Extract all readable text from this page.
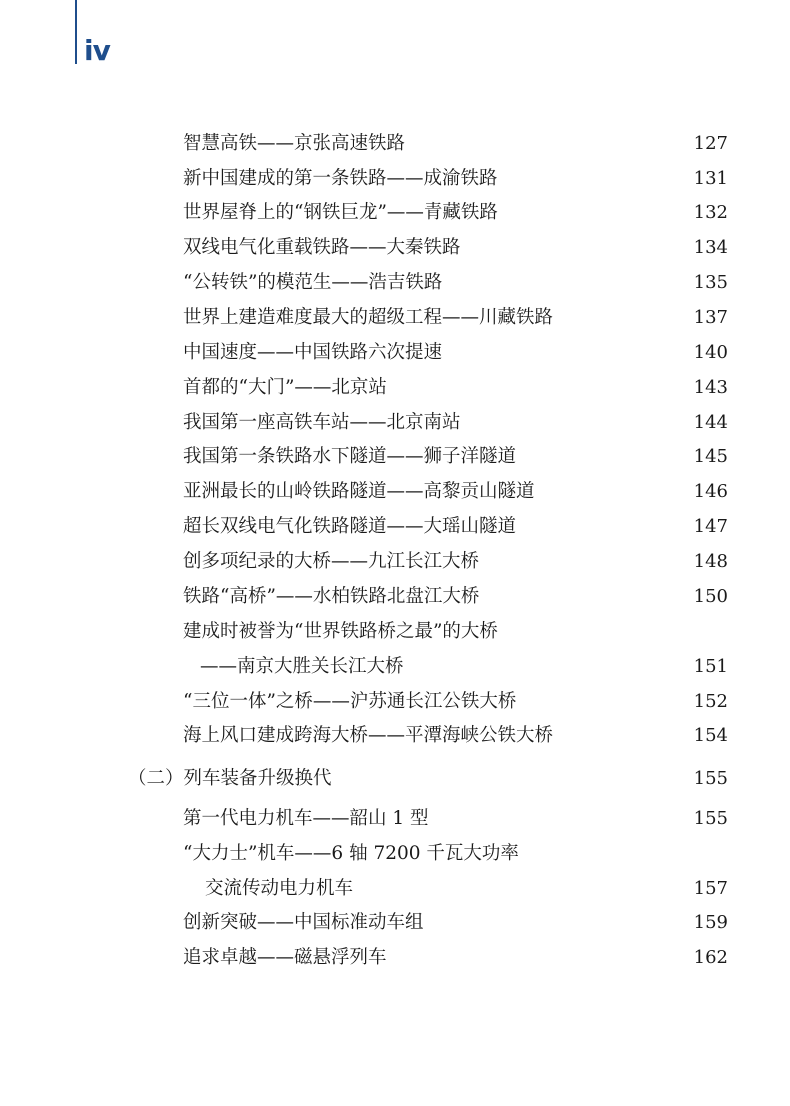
iv
智慧高铁——京张高速铁路	127
新中国建成的第一条铁路——成渝铁路	131
世界屋脊上的“钢铁巨龙”——青藏铁路	132
双线电气化重载铁路——大秦铁路	134
“公转铁”的模范生——浩吉铁路	135
世界上建造难度最大的超级工程——川藏铁路	137
中国速度——中国铁路六次提速	140
首都的“大门”——北京站	143
我国第一座高铁车站——北京南站	144
我国第一条铁路水下隧道——狮子洋隧道	145
亚洲最长的山岭铁路隧道——高黎贡山隧道	146
超长双线电气化铁路隧道——大瑶山隧道	147
创多项纪录的大桥——九江长江大桥	148
铁路“高桥”——水柏铁路北盘江大桥	150
建成时被誉为“世界铁路桥之最”的大桥
——南京大胜关长江大桥	151
“三位一体”之桥——沪苏通长江公铁大桥	152
海上风口建成跨海大桥——平潭海峡公铁大桥	154
（二）列车装备升级换代	155
第一代电力机车——韶山 1 型	155
“大力士”机车——6 轴 7200 千瓦大功率
交流传动电力机车	157
创新突破——中国标准动车组	159
追求卓越——磁悬浮列车	162
